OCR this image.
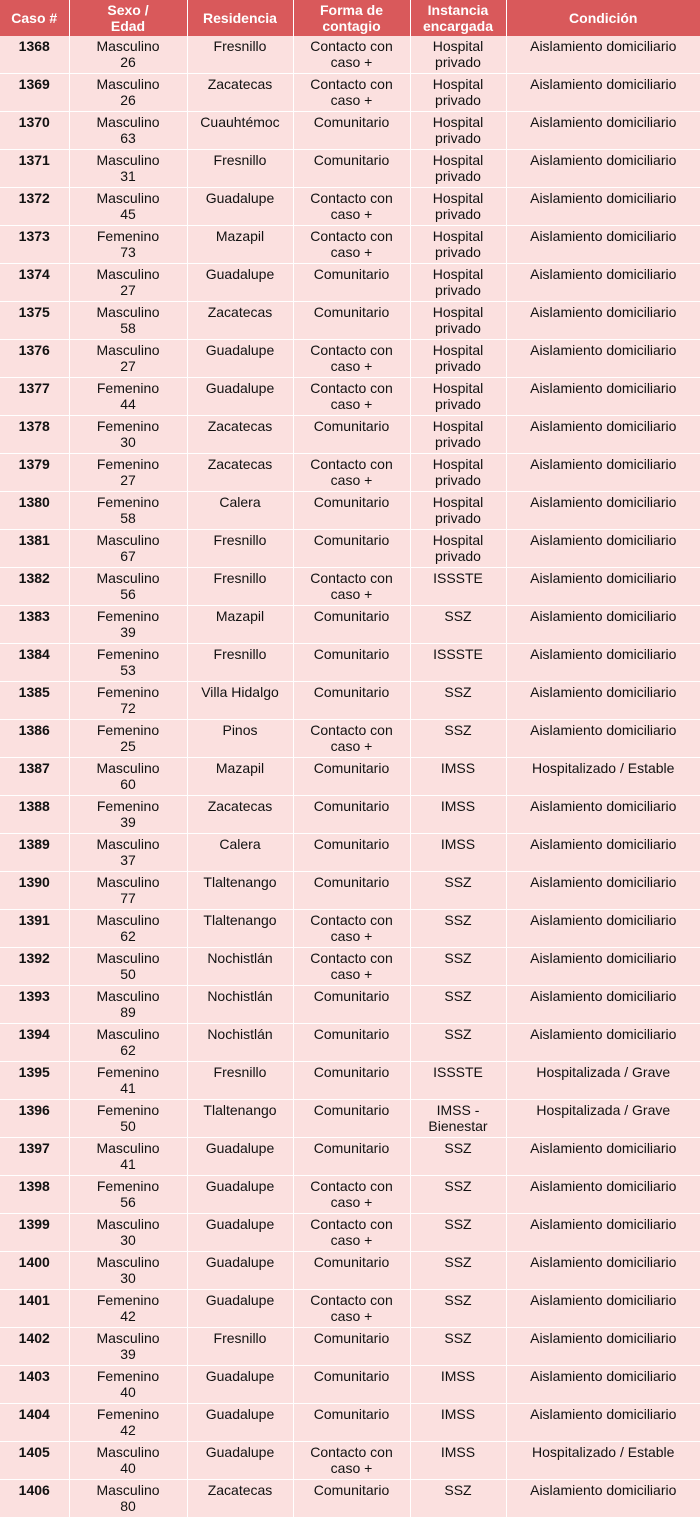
Caso #	Sexo /
Edad	Residencia	Forma de
contagio	Instancia
encargada	Condición

1368	Masculino
26	Fresnillo	Contacto con
caso +	Hospital
privado	Aislamiento domiciliario

1369	Masculino
26	Zacatecas	Contacto con
caso +	Hospital
privado	Aislamiento domiciliario

1370	Masculino
63	Cuauhtémoc	Comunitario	Hospital
privado	Aislamiento domiciliario

1371	Masculino
31	Fresnillo	Comunitario	Hospital
privado	Aislamiento domiciliario

1372	Masculino
45	Guadalupe	Contacto con
caso +	Hospital
privado	Aislamiento domiciliario

1373	Femenino
73	Mazapil	Contacto con
caso +	Hospital
privado	Aislamiento domiciliario

1374	Masculino
27	Guadalupe	Comunitario	Hospital
privado	Aislamiento domiciliario

1375	Masculino
58	Zacatecas	Comunitario	Hospital
privado	Aislamiento domiciliario

1376	Masculino
27	Guadalupe	Contacto con
caso +	Hospital
privado	Aislamiento domiciliario

1377	Femenino
44	Guadalupe	Contacto con
caso +	Hospital
privado	Aislamiento domiciliario

1378	Femenino
30	Zacatecas	Comunitario	Hospital
privado	Aislamiento domiciliario

1379	Femenino
27	Zacatecas	Contacto con
caso +	Hospital
privado	Aislamiento domiciliario

1380	Femenino
58	Calera	Comunitario	Hospital
privado	Aislamiento domiciliario

1381	Masculino
67	Fresnillo	Comunitario	Hospital
privado	Aislamiento domiciliario

1382	Masculino
56	Fresnillo	Contacto con
caso +	ISSSTE	Aislamiento domiciliario

1383	Femenino
39	Mazapil	Comunitario	SSZ	Aislamiento domiciliario

1384	Femenino
53	Fresnillo	Comunitario	ISSSTE	Aislamiento domiciliario

1385	Femenino
72	Villa Hidalgo	Comunitario	SSZ	Aislamiento domiciliario

1386	Femenino
25	Pinos	Contacto con
caso +	SSZ	Aislamiento domiciliario

1387	Masculino
60	Mazapil	Comunitario	IMSS	Hospitalizado / Estable

1388	Femenino
39	Zacatecas	Comunitario	IMSS	Aislamiento domiciliario

1389	Masculino
37	Calera	Comunitario	IMSS	Aislamiento domiciliario

1390	Masculino
77	Tlaltenango	Comunitario	SSZ	Aislamiento domiciliario

1391	Masculino
62	Tlaltenango	Contacto con
caso +	SSZ	Aislamiento domiciliario

1392	Masculino
50	Nochistlán	Contacto con
caso +	SSZ	Aislamiento domiciliario

1393	Masculino
89	Nochistlán	Comunitario	SSZ	Aislamiento domiciliario

1394	Masculino
62	Nochistlán	Comunitario	SSZ	Aislamiento domiciliario

1395	Femenino
41	Fresnillo	Comunitario	ISSSTE	Hospitalizada / Grave

1396	Femenino
50	Tlaltenango	Comunitario	IMSS -
Bienestar	Hospitalizada / Grave

1397	Masculino
41	Guadalupe	Comunitario	SSZ	Aislamiento domiciliario

1398	Femenino
56	Guadalupe	Contacto con
caso +	SSZ	Aislamiento domiciliario

1399	Masculino
30	Guadalupe	Contacto con
caso +	SSZ	Aislamiento domiciliario

1400	Masculino
30	Guadalupe	Comunitario	SSZ	Aislamiento domiciliario

1401	Femenino
42	Guadalupe	Contacto con
caso +	SSZ	Aislamiento domiciliario

1402	Masculino
39	Fresnillo	Comunitario	SSZ	Aislamiento domiciliario

1403	Femenino
40	Guadalupe	Comunitario	IMSS	Aislamiento domiciliario

1404	Femenino
42	Guadalupe	Comunitario	IMSS	Aislamiento domiciliario

1405	Masculino
40	Guadalupe	Contacto con
caso +	IMSS	Hospitalizado / Estable

1406	Masculino
80	Zacatecas	Comunitario	SSZ	Aislamiento domiciliario
